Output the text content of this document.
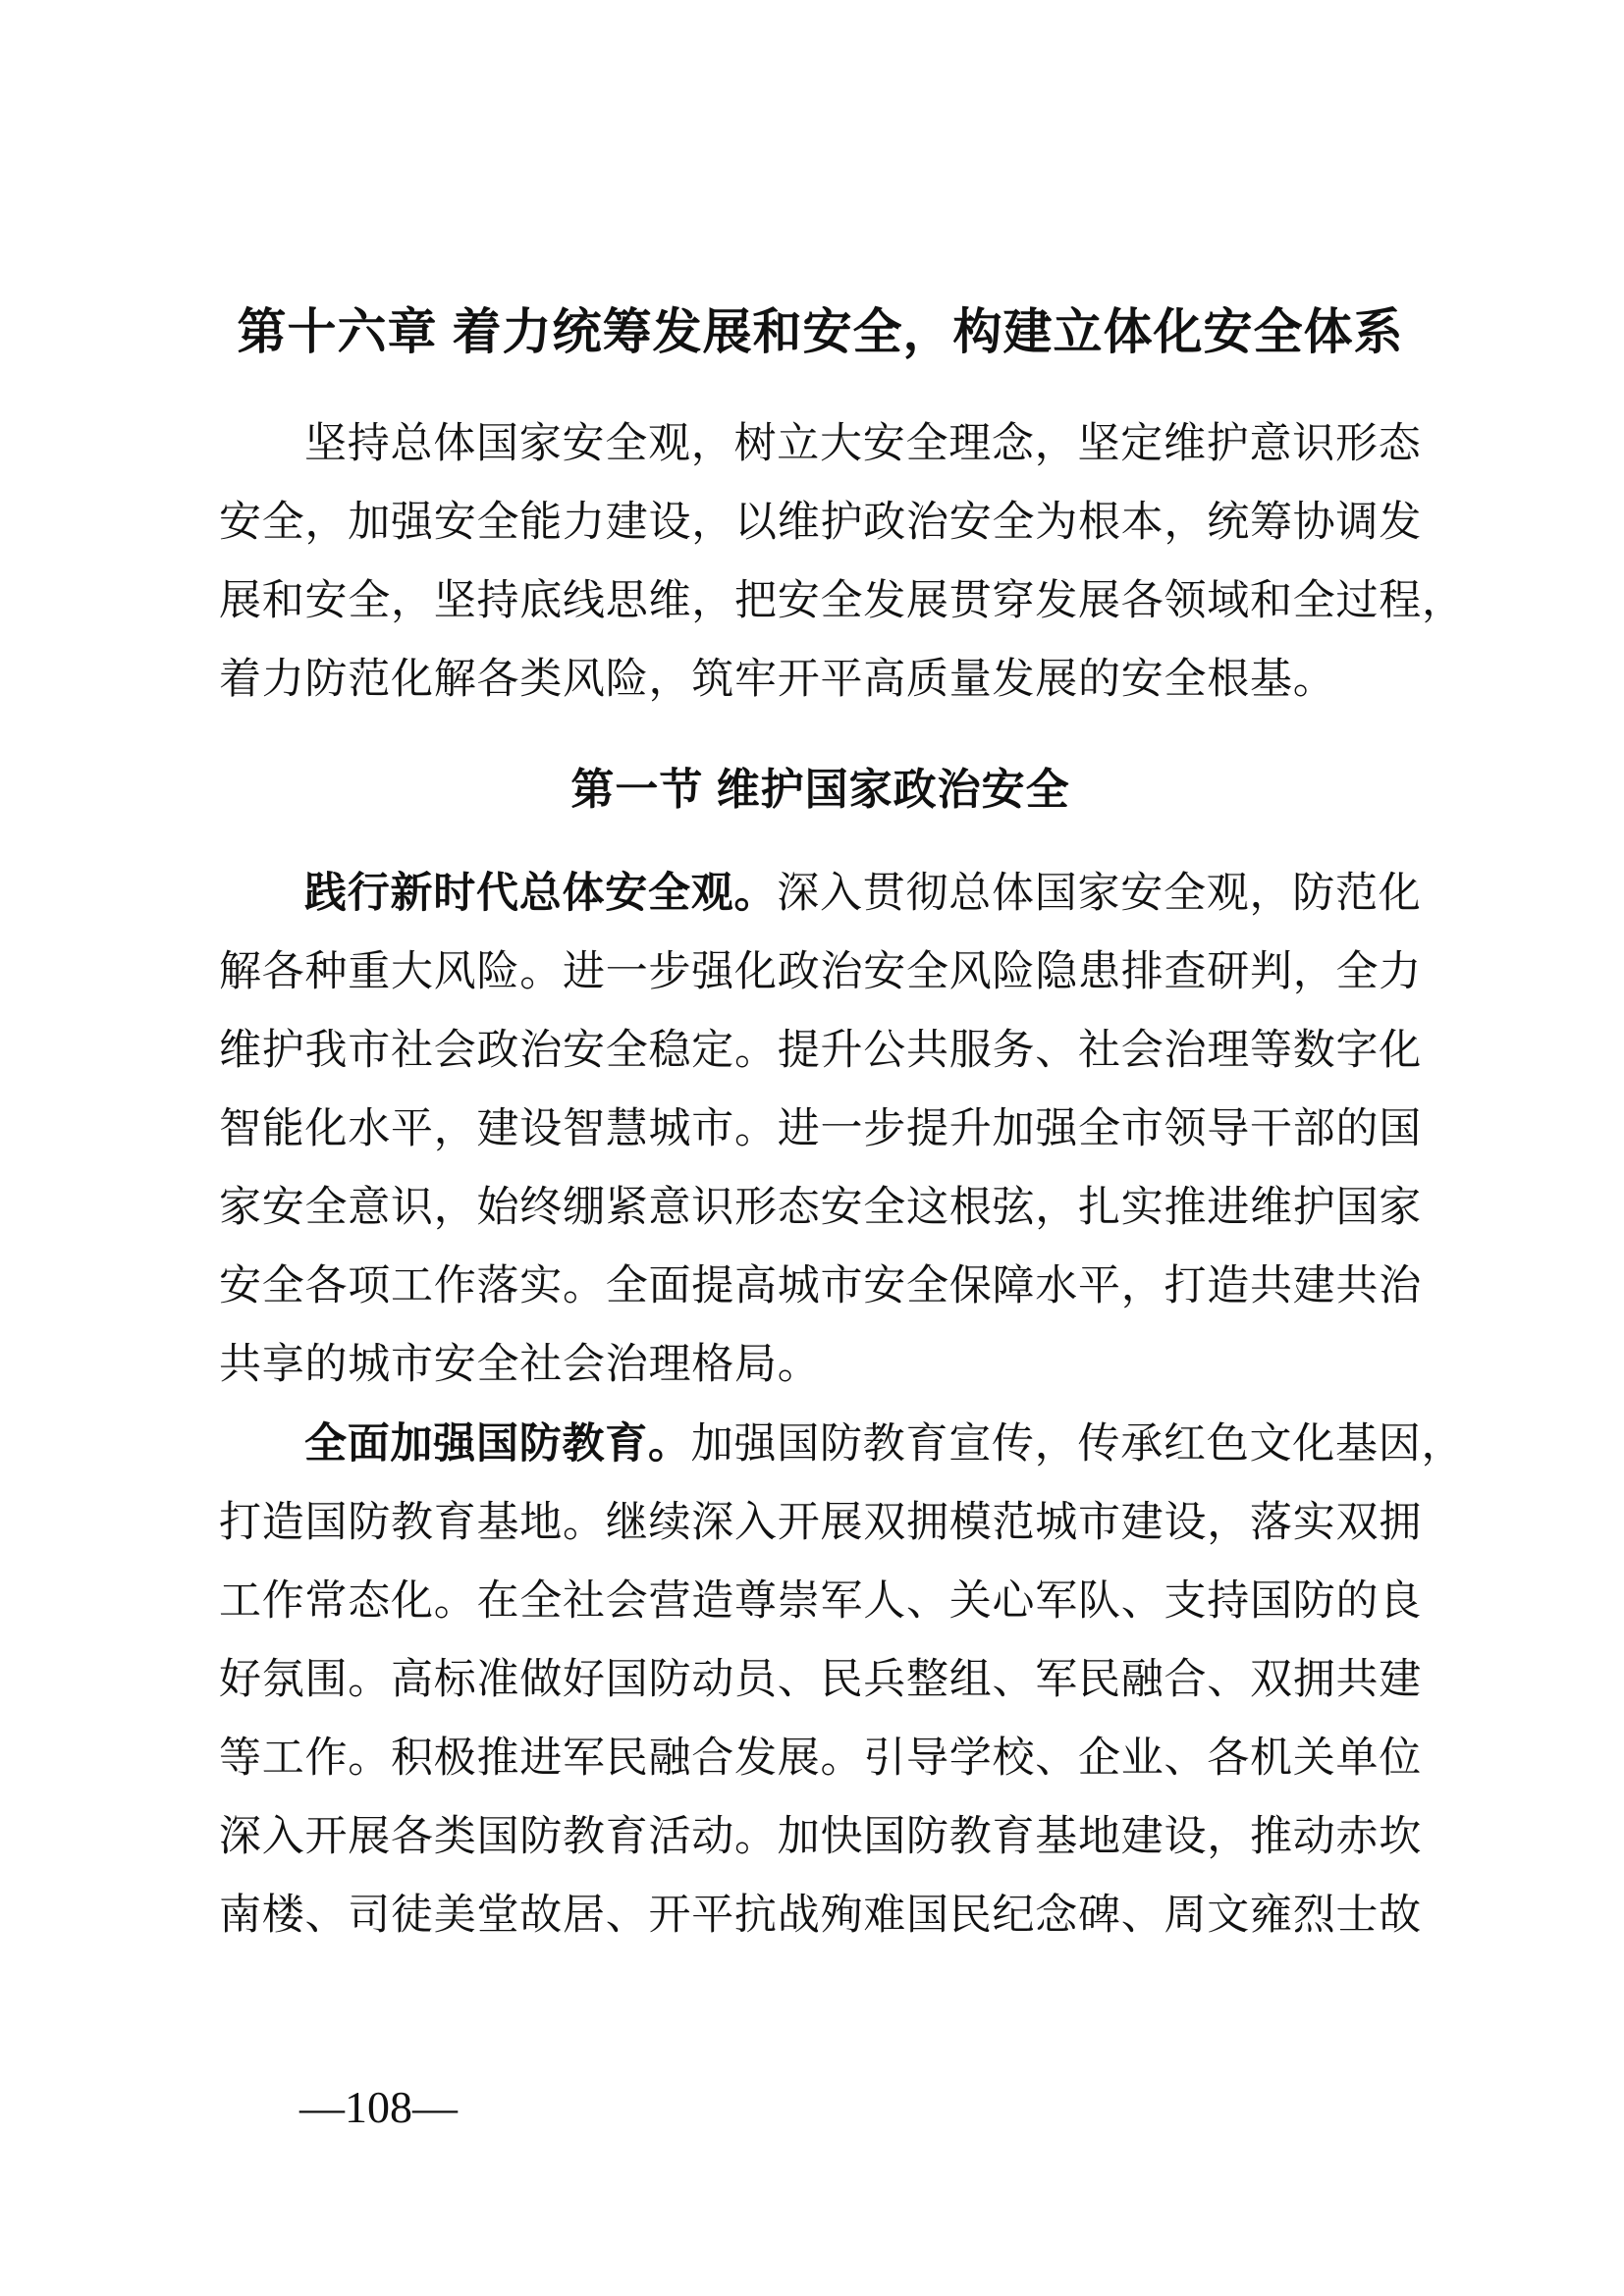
第十六章 着力统筹发展和安全，构建立体化安全体系
坚持总体国家安全观，树立大安全理念，坚定维护意识形态
安全，加强安全能力建设，以维护政治安全为根本，统筹协调发
展和安全，坚持底线思维，把安全发展贯穿发展各领域和全过程，
着力防范化解各类风险，筑牢开平高质量发展的安全根基。
第一节 维护国家政治安全
践行新时代总体安全观。深入贯彻总体国家安全观，防范化
解各种重大风险。进一步强化政治安全风险隐患排查研判，全力
维护我市社会政治安全稳定。提升公共服务、社会治理等数字化
智能化水平，建设智慧城市。进一步提升加强全市领导干部的国
家安全意识，始终绷紧意识形态安全这根弦，扎实推进维护国家
安全各项工作落实。全面提高城市安全保障水平，打造共建共治
共享的城市安全社会治理格局。
全面加强国防教育。加强国防教育宣传，传承红色文化基因，
打造国防教育基地。继续深入开展双拥模范城市建设，落实双拥
工作常态化。在全社会营造尊崇军人、关心军队、支持国防的良
好氛围。高标准做好国防动员、民兵整组、军民融合、双拥共建
等工作。积极推进军民融合发展。引导学校、企业、各机关单位
深入开展各类国防教育活动。加快国防教育基地建设，推动赤坎
南楼、司徒美堂故居、开平抗战殉难国民纪念碑、周文雍烈士故
—108—
